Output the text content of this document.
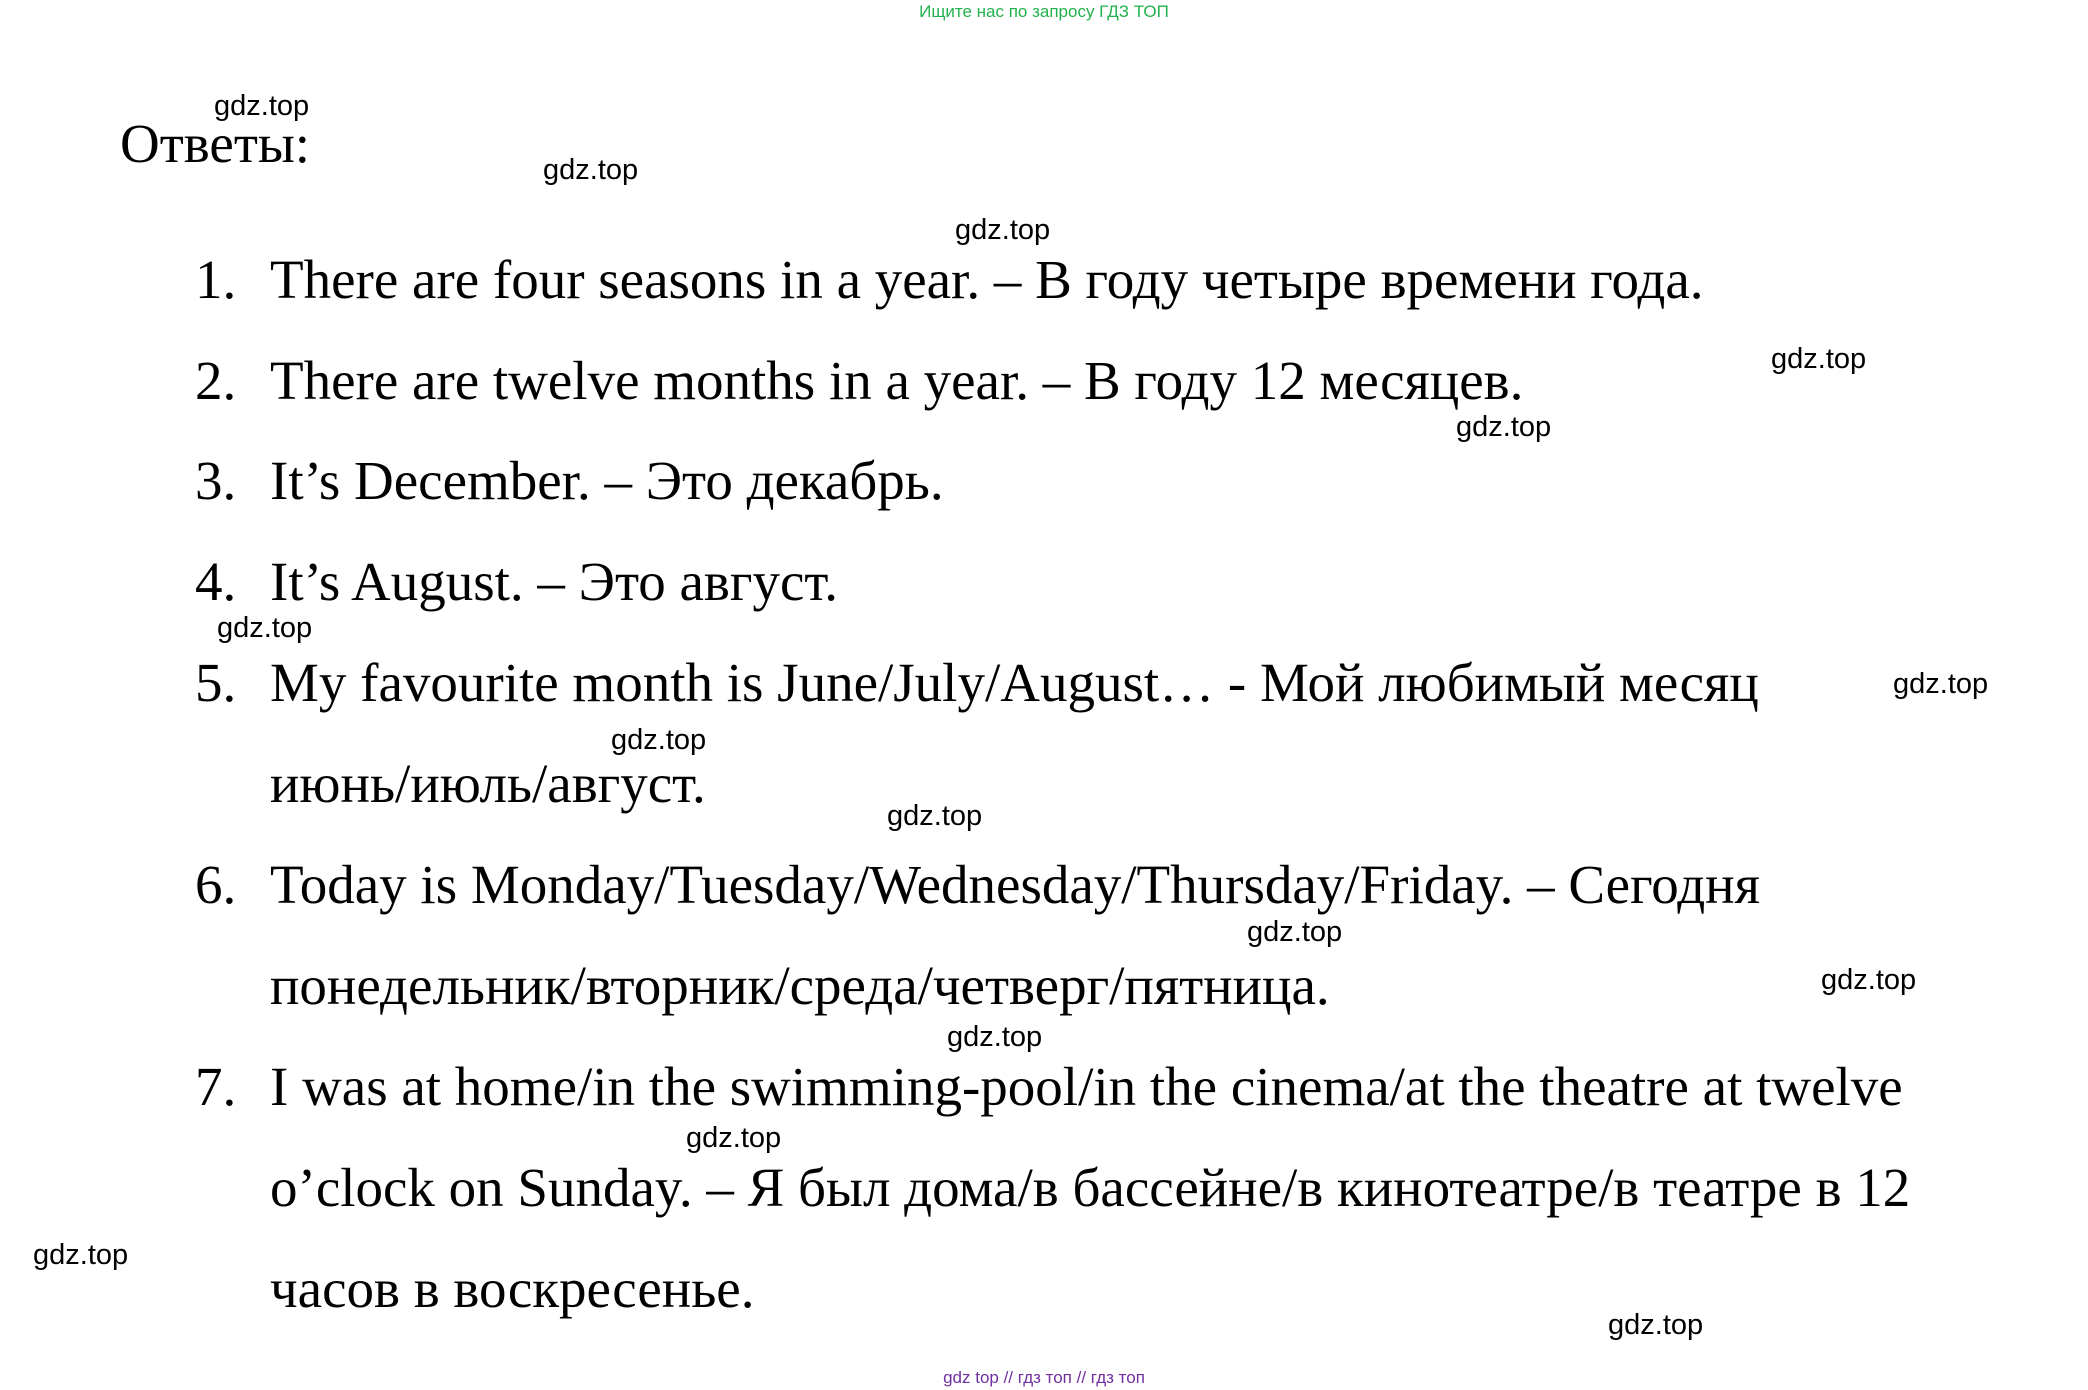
Ищите нас по запросу ГДЗ ТОП
Ответы:
1. There are four seasons in a year. – В году четыре времени года.
2. There are twelve months in a year. – В году 12 месяцев.
3. It’s December. – Это декабрь.
4. It’s August. – Это август.
5. My favourite month is June/July/August… - Мой любимый месяц
июнь/июль/август.
6. Today is Monday/Tuesday/Wednesday/Thursday/Friday. – Сегодня
понедельник/вторник/среда/четверг/пятница.
7. I was at home/in the swimming-pool/in the cinema/at the theatre at twelve
o’clock on Sunday. – Я был дома/в бассейне/в кинотеатре/в театре в 12
часов в воскресенье.
gdz.top
gdz.top
gdz.top
gdz.top
gdz.top
gdz.top
gdz.top
gdz.top
gdz.top
gdz.top
gdz.top
gdz.top
gdz.top
gdz.top
gdz.top
gdz top // гдз топ // гдз топ
